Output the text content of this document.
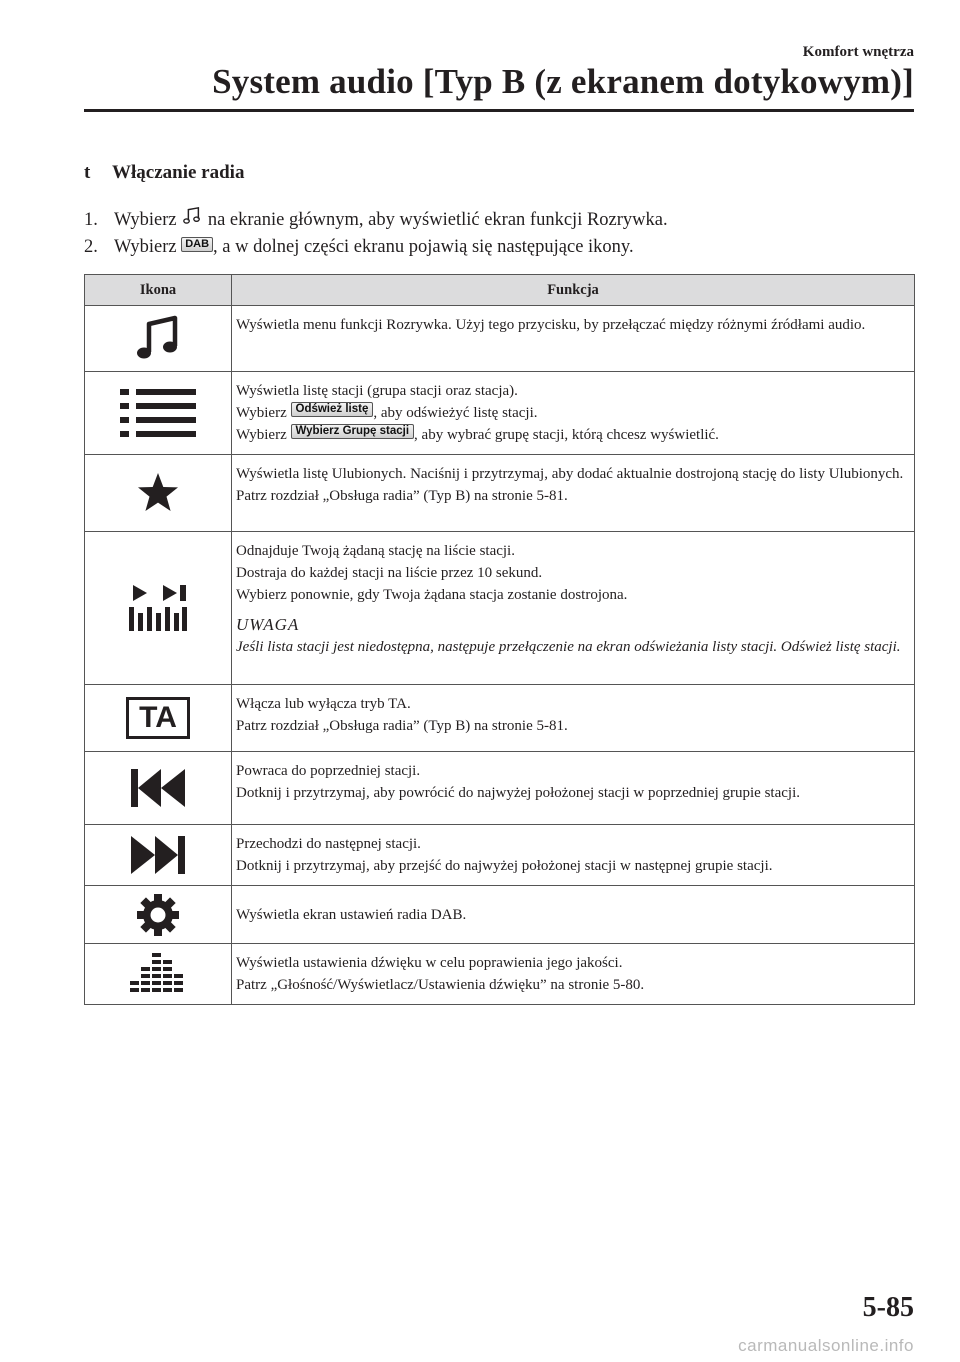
Komfort wnętrza
System audio [Typ B (z ekranem dotykowym)]
t Włączanie radia
1. Wybierz na ekranie głównym, aby wyświetlić ekran funkcji Rozrywka.
2. Wybierz DAB , a w dolnej części ekranu pojawią się następujące ikony.
Ikona	Funkcja

Wyświetla menu funkcji Rozrywka. Użyj tego przycisku, by przełączać między różnymi źródłami audio.

Wyświetla listę stacji (grupa stacji oraz stacja).
Wybierz Odśwież listę , aby odświeżyć listę stacji.
Wybierz Wybierz Grupę stacji , aby wybrać grupę stacji, którą chcesz wyświetlić.

Wyświetla listę Ulubionych. Naciśnij i przytrzymaj, aby dodać aktualnie dostrojoną stację do listy Ulubionych.
Patrz rozdział „Obsługa radia” (Typ B) na stronie 5-81.

Odnajduje Twoją żądaną stację na liście stacji.
Dostraja do każdej stacji na liście przez 10 sekund.
Wybierz ponownie, gdy Twoja żądana stacja zostanie dostrojona.
UWAGA
Jeśli lista stacji jest niedostępna, następuje przełączenie na ekran odświeżania listy stacji. Odśwież listę stacji.

TA	Włącza lub wyłącza tryb TA.
Patrz rozdział „Obsługa radia” (Typ B) na stronie 5-81.

Powraca do poprzedniej stacji.
Dotknij i przytrzymaj, aby powrócić do najwyżej położonej stacji w poprzedniej grupie stacji.

Przechodzi do następnej stacji.
Dotknij i przytrzymaj, aby przejść do najwyżej położonej stacji w następnej grupie stacji.

Wyświetla ekran ustawień radia DAB.

Wyświetla ustawienia dźwięku w celu poprawienia jego jakości.
Patrz „Głośność/Wyświetlacz/Ustawienia dźwięku” na stronie 5-80.
5-85
carmanualsonline.info
